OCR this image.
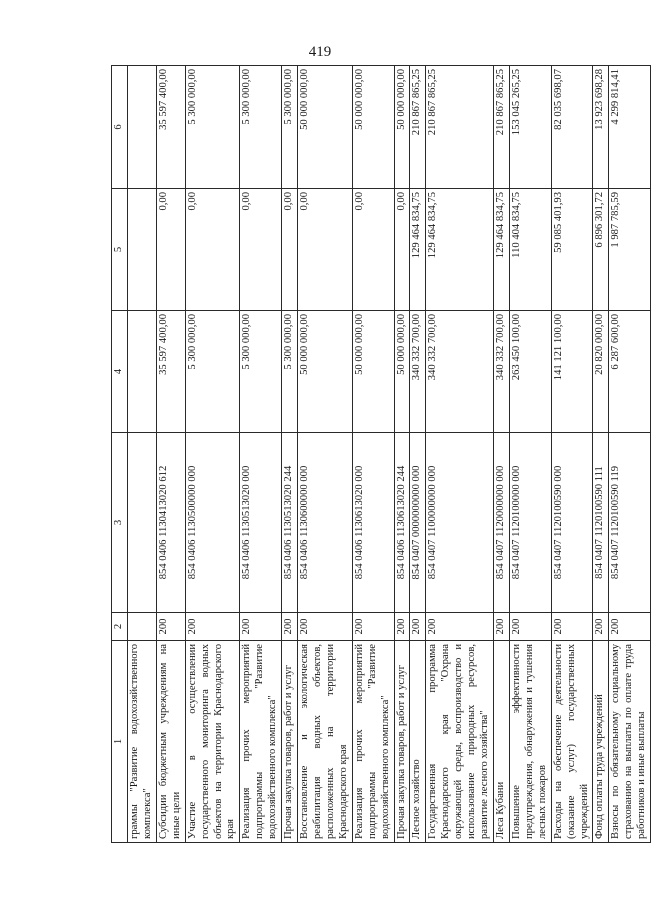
419
1	2	3	4	5	6
граммы "Развитие водохозяйственного комплекса"					
Субсидии бюджетным учреждениям на иные цели	200	854 0406 1130413020 612	35 597 400,00	0,00	35 597 400,00
Участие в осуществлении государственного мониторинга водных объектов на территории Краснодарского края	200	854 0406 1130500000 000	5 300 000,00	0,00	5 300 000,00
Реализация прочих мероприятий подпрограммы "Развитие водохозяйственного комплекса"	200	854 0406 1130513020 000	5 300 000,00	0,00	5 300 000,00
Прочая закупка товаров, работ и услуг	200	854 0406 1130513020 244	5 300 000,00	0,00	5 300 000,00
Восстановление и экологическая реабилитация водных объектов, расположенных на территории Краснодарского края	200	854 0406 1130600000 000	50 000 000,00	0,00	50 000 000,00
Реализация прочих мероприятий подпрограммы "Развитие водохозяйственного комплекса"	200	854 0406 1130613020 000	50 000 000,00	0,00	50 000 000,00
Прочая закупка товаров, работ и услуг	200	854 0406 1130613020 244	50 000 000,00	0,00	50 000 000,00
Лесное хозяйство	200	854 0407 0000000000 000	340 332 700,00	129 464 834,75	210 867 865,25
Государственная программа Краснодарского края "Охрана окружающей среды, воспроизводство и использование природных ресурсов, развитие лесного хозяйства"	200	854 0407 1100000000 000	340 332 700,00	129 464 834,75	210 867 865,25
Леса Кубани	200	854 0407 1120000000 000	340 332 700,00	129 464 834,75	210 867 865,25
Повышение эффективности предупреждения, обнаружения и тушения лесных пожаров	200	854 0407 1120100000 000	263 450 100,00	110 404 834,75	153 045 265,25
Расходы на обеспечение деятельности (оказание услуг) государственных учреждений	200	854 0407 1120100590 000	141 121 100,00	59 085 401,93	82 035 698,07
Фонд оплаты труда учреждений	200	854 0407 1120100590 111	20 820 000,00	6 896 301,72	13 923 698,28
Взносы по обязательному социальному страхованию на выплаты по оплате труда работников и иные выплаты	200	854 0407 1120100590 119	6 287 600,00	1 987 785,59	4 299 814,41
